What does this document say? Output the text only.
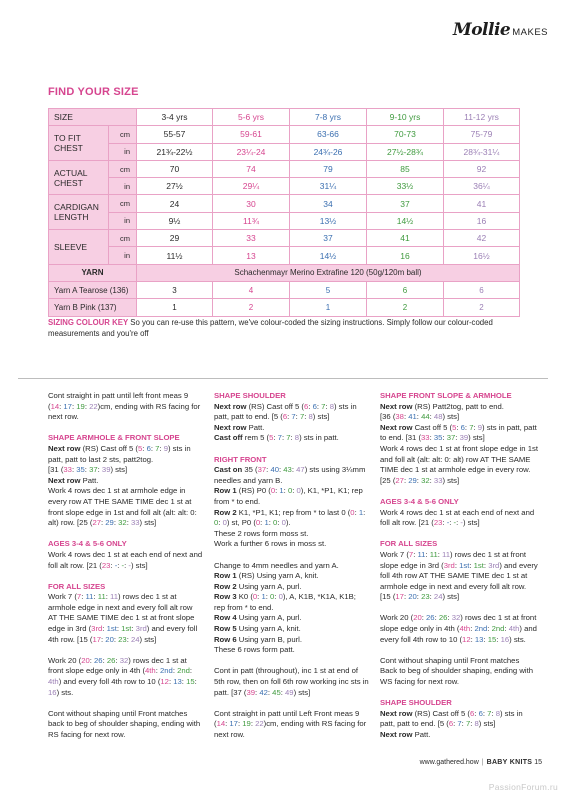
Mollie MAKES
FIND YOUR SIZE
SIZE		3-4 yrs	5-6 yrs	7-8 yrs	9-10 yrs	11-12 yrs
TO FIT CHEST	cm	55-57	59-61	63-66	70-73	75-79
	in	21¾-22½	23¼-24	24¾-26	27½-28¾	28¾-31¼
ACTUAL CHEST	cm	70	74	79	85	92
	in	27½	29¼	31¼	33½	36¼
CARDIGAN LENGTH	cm	24	30	34	37	41
	in	9½	11¾	13½	14½	16
SLEEVE	cm	29	33	37	41	42
	in	11½	13	14½	16	16½
YARN		Schachenmayr Merino Extrafine 120 (50g/120m ball)				
Yarn A Tearose (136)		3	4	5	6	6
Yarn B Pink (137)		1	2	1	2	2
SIZING COLOUR KEY So you can re-use this pattern, we've colour-coded the sizing instructions. Simply follow our colour-coded measurements and you're off

Cont straight in patt until left front meas 9 (14: 17: 19: 22)cm, ending with RS facing for next row.

SHAPE ARMHOLE & FRONT SLOPE

Next row (RS) Cast off 5 (5: 6: 7: 9) sts in patt, patt to last 2 sts, patt2tog.
[31 (33: 35: 37: 39) sts]
Next row Patt.
Work 4 rows dec 1 st at armhole edge in every row AT THE SAME TIME dec 1 st at front slope edge in 1st and foll alt (alt: alt: 0: alt) row. [25 (27: 29: 32: 33) sts]

AGES 3-4 & 5-6 ONLY

Work 4 rows dec 1 st at each end of next and foll alt row. [21 (23: -: -: -) sts]

FOR ALL SIZES

Work 7 (7: 11: 11: 11) rows dec 1 st at armhole edge in next and every foll alt row AT THE SAME TIME dec 1 st at front slope edge in 3rd (3rd: 1st: 1st: 3rd) and every foll 4th row. [15 (17: 20: 23: 24) sts]

Work 20 (20: 26: 26: 32) rows dec 1 st at front slope edge only in 4th (4th: 2nd: 2nd: 4th) and every foll 4th row to 10 (12: 13: 15: 16) sts.

Cont without shaping until Front matches back to beg of shoulder shaping, ending with RS facing for next row.

SHAPE SHOULDER

Next row (RS) Cast off 5 (6: 6: 7: 8) sts in patt, patt to end. [5 (6: 7: 7: 8) sts]
Next row Patt.
Cast off rem 5 (5: 7: 7: 8) sts in patt.

RIGHT FRONT

Cast on 35 (37: 40: 43: 47) sts using 3¼mm needles and yarn B.
Row 1 (RS) P0 (0: 1: 0: 0), K1, *P1, K1; rep from * to end.
Row 2 K1, *P1, K1; rep from * to last 0 (0: 1: 0: 0) st, P0 (0: 1: 0: 0).
These 2 rows form moss st.
Work a further 6 rows in moss st.

Change to 4mm needles and yarn A.
Row 1 (RS) Using yarn A, knit.
Row 2 Using yarn A, purl.
Row 3 K0 (0: 1: 0: 0), A, K1B, *K1A, K1B; rep from * to end.
Row 4 Using yarn A, purl.
Row 5 Using yarn A, knit.
Row 6 Using yarn B, purl.
These 6 rows form patt.

Cont in patt (throughout), inc 1 st at end of 5th row, then on foll 6th row working inc sts in patt. [37 (39: 42: 45: 49) sts]

Cont straight in patt until Left Front meas 9 (14: 17: 19: 22)cm, ending with RS facing for next row.

SHAPE FRONT SLOPE & ARMHOLE

Next row (RS) Patt2tog, patt to end.
[36 (38: 41: 44: 48) sts]
Next row Cast off 5 (5: 6: 7: 9) sts in patt, patt to end. [31 (33: 35: 37: 39) sts]
Work 4 rows dec 1 st at front slope edge in 1st and foll alt (alt: alt: 0: alt) row AT THE SAME TIME dec 1 st at armhole edge in every row. [25 (27: 29: 32: 33) sts]

AGES 3-4 & 5-6 ONLY

Work 4 rows dec 1 st at each end of next and foll alt row. [21 (23: -: -: -) sts]

FOR ALL SIZES

Work 7 (7: 11: 11: 11) rows dec 1 st at front slope edge in 3rd (3rd: 1st: 1st: 3rd) and every foll 4th row AT THE SAME TIME dec 1 st at armhole edge in next and every foll alt row. [15 (17: 20: 23: 24) sts]

Work 20 (20: 26: 26: 32) rows dec 1 st at front slope edge only in 4th (4th: 2nd: 2nd: 4th) and every foll 4th row to 10 (12: 13: 15: 16) sts.

Cont without shaping until Front matches Back to beg of shoulder shaping, ending with WS facing for next row.

SHAPE SHOULDER

Next row (RS) Cast off 5 (6: 6: 7: 8) sts in patt, patt to end. [5 (6: 7: 7: 8) sts]
Next row Patt.

www.gathered.how | BABY KNITS 15
PassionForum.ru
